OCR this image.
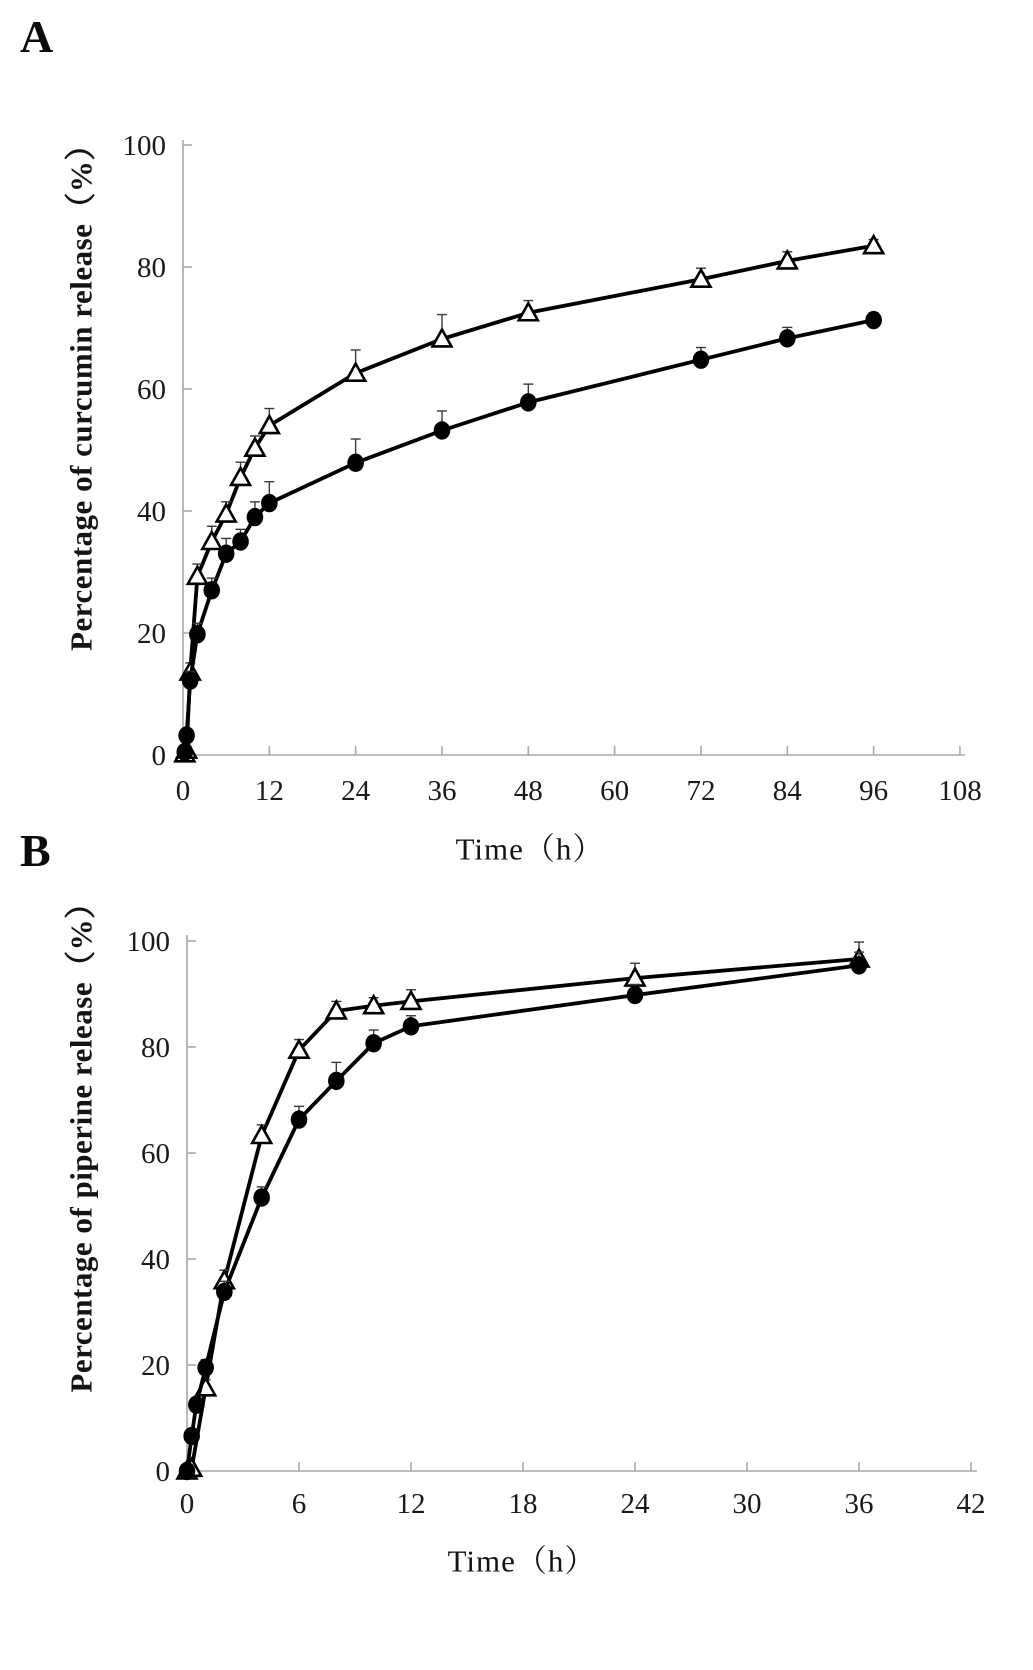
A
Percentage of curcumin release（%）
Time（h）
B
Percentage of piperine release（%）
Time（h）
0 12 24 36 48 60 72 84 96 108
0
20
40
60
80
100
0	6	12	18	24	30	36	42
0
20
40
60
80
100
